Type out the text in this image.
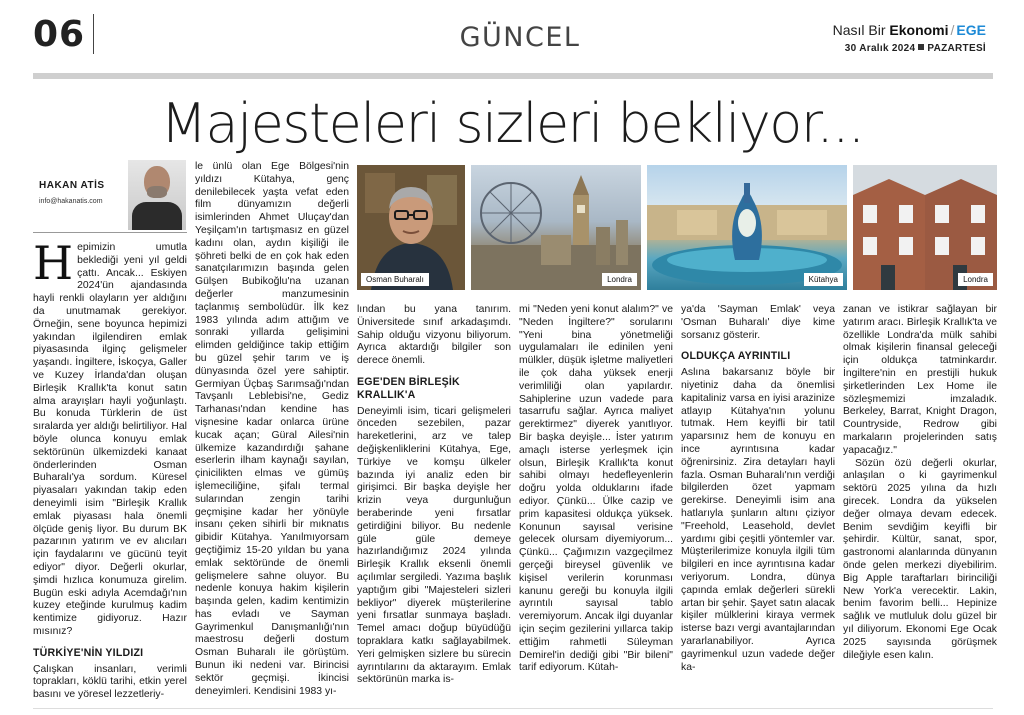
06	GÜNCEL	Nasıl Bir Ekonomi / EGE
30 Aralık 2024 PAZARTESİ
Majesteleri sizleri bekliyor...
HAKAN ATİS
info@hakanatis.com
Osman Buharalı	Londra	Kütahya	Londra

Hepimizin umutla beklediği yeni yıl geldi çattı. Ancak... Eskiyen 2024'ün ajandasında hayli renkli olayların yer aldığını da unutmamak gerekiyor. Örneğin, sene boyunca hepimizi yakından ilgilendiren emlak piyasasında ilginç gelişmeler yaşandı. İngiltere, İskoçya, Galler ve Kuzey İrlanda'dan oluşan Birleşik Krallık'ta konut satın alma arayışları hayli yoğunlaştı. Bu konuda Türklerin de üst sıralarda yer aldığı belirtiliyor. Hal böyle olunca konuyu emlak sektörünün ülkemizdeki kanaat önderlerinden Osman Buharalı'ya sordum. Küresel piyasaları yakından takip eden deneyimli isim "Birleşik Krallık emlak piyasası hala önemli ölçüde geniş liyor. Bu durum BK pazarının yatırım ve ev alıcıları için faydalarını ve gücünü teyit ediyor" diyor. Değerli okurlar, şimdi hızlıca konumuza girelim. Bugün eski adıyla Acemdağı'nın kuzey eteğinde kurulmuş kadim kentimize gidiyoruz. Hazır mısınız?

TÜRKİYE'NİN YILDIZI

Çalışkan insanları, verimli toprakları, köklü tarihi, etkin yerel basını ve yöresel lezzetleriy-

le ünlü olan Ege Bölgesi'nin yıldızı Kütahya, genç denilebilecek yaşta vefat eden film dünyamızın değerli isimlerinden Ahmet Uluçay'dan Yeşilçam'ın tartışmasız en güzel kadını olan, aydın kişiliği ile şöhreti belki de en çok hak eden sanatçılarımızın başında gelen Gülşen Bubikoğlu'na uzanan değerler manzumesinin taçlanmış sembolüdür. İlk kez 1983 yılında adım attığım ve sonraki yıllarda gelişimini elimden geldiğince takip ettiğim bu güzel şehir tarım ve iş dünyasında özel yere sahiptir. Germiyan Üçbaş Sarımsağı'ndan Tavşanlı Leblebisi'ne, Gediz Tarhanası'ndan kendine has vişnesine kadar onlarca ürüne kucak açan; Güral Ailesi'nin ülkemize kazandırdığı şahane eserlerin ilham kaynağı sayılan, çinicilikten elmas ve gümüş işlemeciliğine, şifalı termal sularından zengin tarihi geçmişine kadar her yönüyle insanı çeken sihirli bir mıknatıs gibidir Kütahya. Yanılmıyorsam geçtiğimiz 15-20 yıldan bu yana emlak sektöründe de önemli gelişmelere sahne oluyor. Bu nedenle konuya hakim kişilerin başında gelen, kadim kentimizin has evladı ve Sayman Gayrimenkul Danışmanlığı'nın maestrosu değerli dostum Osman Buharalı ile görüştüm. Bunun iki nedeni var. Birincisi sektör geçmişi. İkincisi deneyimleri. Kendisini 1983 yı-

lından bu yana tanırım. Üniversitede sınıf arkadaşımdı. Sahip olduğu vizyonu biliyorum. Ayrıca aktardığı bilgiler son derece önemli.

EGE'DEN BİRLEŞİK KRALLIK'A

Deneyimli isim, ticari gelişmeleri önceden sezebilen, pazar hareketlerini, arz ve talep değişkenliklerini Kütahya, Ege, Türkiye ve komşu ülkeler bazında iyi analiz eden bir girişimci. Bir başka deyişle her krizin veya durgunluğun beraberinde yeni fırsatlar getirdiğini biliyor. Bu nedenle güle güle demeye hazırlandığımız 2024 yılında Birleşik Krallık eksenli önemli açılımlar sergiledi. Yazıma başlık yaptığım gibi "Majesteleri sizleri bekliyor" diyerek müşterilerine yeni fırsatlar sunmaya başladı. Temel amacı doğup büyüdüğü topraklara katkı sağlayabilmek. Yeri gelmişken sizlere bu sürecin ayrıntılarını da aktarayım. Emlak sektörünün marka is-

mi "Neden yeni konut alalım?" ve "Neden İngiltere?" sorularını "Yeni bina yönetmeliği uygulamaları ile edinilen yeni mülkler, düşük işletme maliyetleri ile çok daha yüksek enerji verimliliği olan yapılardır. Sahiplerine uzun vadede para tasarrufu sağlar. Ayrıca maliyet gerektirmez" diyerek yanıtlıyor. Bir başka deyişle... İster yatırım amaçlı isterse yerleşmek için olsun, Birleşik Krallık'ta konut sahibi olmayı hedefleyenlerin doğru yolda olduklarını ifade ediyor. Çünkü... Ülke cazip ve prim kapasitesi oldukça yüksek. Konunun sayısal verisine gelecek olursam diyemiyorum... Çünkü... Çağımızın vazgeçilmez gerçeği bireysel güvenlik ve kişisel verilerin korunması kanunu gereği bu konuyla ilgili ayrıntılı sayısal tablo veremiyorum. Ancak ilgi duyanlar için seçim gezilerini yıllarca takip ettiğim rahmetli Süleyman Demirel'in dediği gibi "Bir bileni" tarif ediyorum. Kütah-

ya'da 'Sayman Emlak' veya 'Osman Buharalı' diye kime sorsanız gösterir.

OLDUKÇA AYRINTILI

Aslına bakarsanız böyle bir niyetiniz daha da önemlisi kapitaliniz varsa en iyisi arazinize atlayıp Kütahya'nın yolunu tutmak. Hem keyifli bir tatil yaparsınız hem de konuyu en ince ayrıntısına kadar öğrenirsiniz. Zira detayları hayli fazla. Osman Buharalı'nın verdiği bilgilerden özet yapmam gerekirse. Deneyimli isim ana hatlarıyla şunların altını çiziyor "Freehold, Leasehold, devlet yardımı gibi çeşitli yöntemler var. Müşterilerimize konuyla ilgili tüm bilgileri en ince ayrıntısına kadar veriyorum. Londra, dünya çapında emlak değerleri sürekli artan bir şehir. Şayet satın alacak kişiler mülklerini kiraya vermek isterse bazı vergi avantajlarından yararlanabiliyor. Ayrıca gayrimenkul uzun vadede değer ka-

zanan ve istikrar sağlayan bir yatırım aracı. Birleşik Krallık'ta ve özellikle Londra'da mülk sahibi olmak kişilerin finansal geleceği için oldukça tatminkardır. İngiltere'nin en prestijli hukuk şirketlerinden Lex Home ile sözleşmemizi imzaladık. Berkeley, Barrat, Knight Dragon, Countryside, Redrow gibi markaların projelerinden satış yapacağız."

Sözün özü değerli okurlar, anlaşılan o ki gayrimenkul sektörü 2025 yılına da hızlı girecek. Londra da yükselen değer olmaya devam edecek. Benim sevdiğim keyifli bir şehirdir. Kültür, sanat, spor, gastronomi alanlarında dünyanın önde gelen merkezi diyebilirim. Big Apple taraftarları birinciliği New York'a verecektir. Lakin, benim favorim belli... Hepinize sağlık ve mutluluk dolu güzel bir yıl diliyorum. Ekonomi Ege Ocak 2025 sayısında görüşmek dileğiyle esen kalın.
